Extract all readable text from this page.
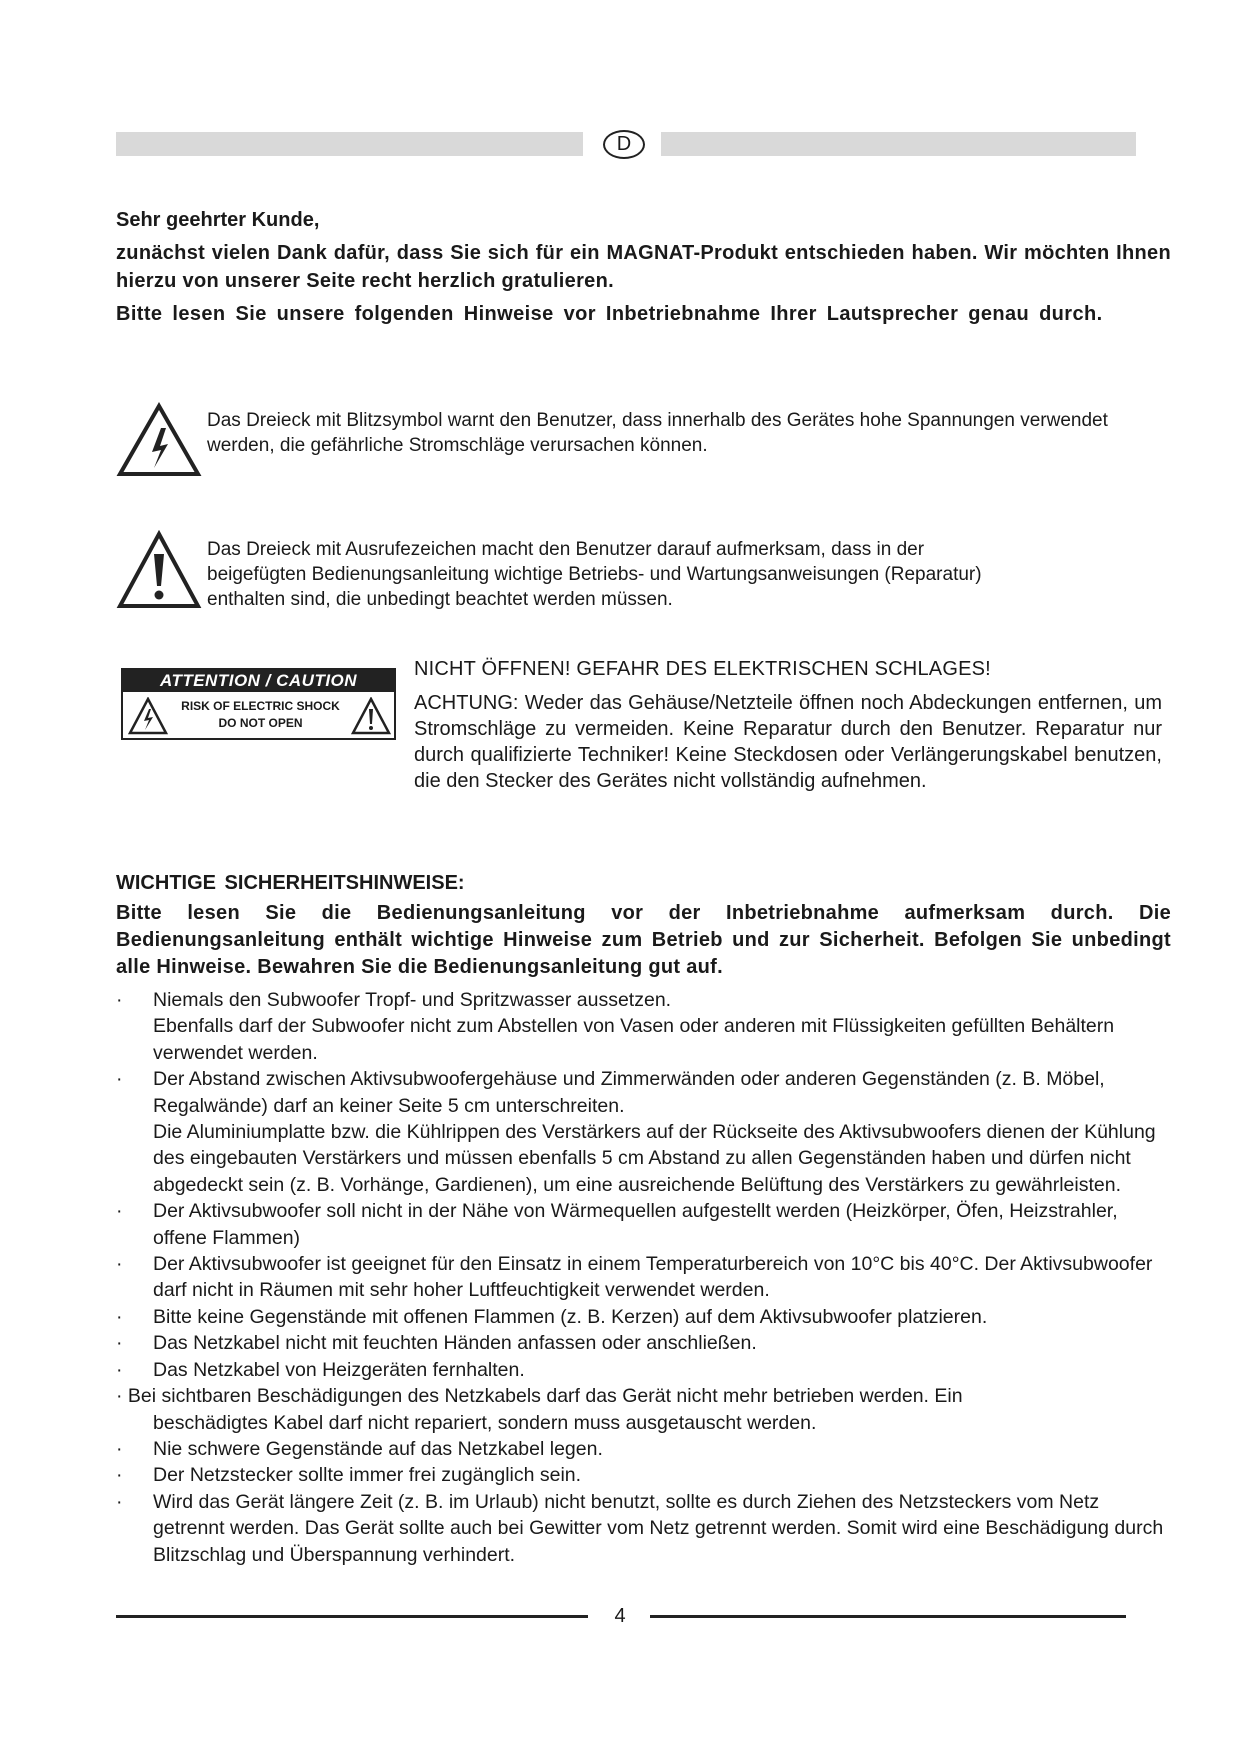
D
Sehr geehrter Kunde,
zunächst vielen Dank dafür, dass Sie sich für ein MAGNAT-Produkt entschieden haben. Wir möchten Ihnen hierzu von unserer Seite recht herzlich gratulieren.
Bitte lesen Sie unsere folgenden Hinweise vor Inbetriebnahme Ihrer Lautsprecher genau durch.
Das Dreieck mit Blitzsymbol warnt den Benutzer, dass innerhalb des Gerätes hohe Spannungen verwendet werden, die gefährliche Stromschläge verursachen können.
Das Dreieck mit Ausrufezeichen macht den Benutzer darauf aufmerksam, dass in der
beigefügten Bedienungsanleitung wichtige Betriebs- und Wartungsanweisungen (Reparatur)
enthalten sind, die unbedingt beachtet werden müssen.
ATTENTION / CAUTION
RISK OF ELECTRIC SHOCK
DO NOT OPEN
NICHT ÖFFNEN! GEFAHR DES ELEKTRISCHEN SCHLAGES!
ACHTUNG: Weder das Gehäuse/Netzteile öffnen noch Abdeckungen entfernen, um Stromschläge zu vermeiden. Keine Reparatur durch den Benutzer. Reparatur nur durch qualifizierte Techniker! Keine Steckdosen oder Verlängerungskabel benutzen, die den Stecker des Gerätes nicht vollständig aufnehmen.
WICHTIGE SICHERHEITSHINWEISE:
Bitte lesen Sie die Bedienungsanleitung vor der Inbetriebnahme aufmerksam durch. Die Bedienungsanleitung enthält wichtige Hinweise zum Betrieb und zur Sicherheit. Befolgen Sie unbedingt alle Hinweise. Bewahren Sie die Bedienungsanleitung gut auf.
· Niemals den Subwoofer Tropf- und Spritzwasser aussetzen.
Ebenfalls darf der Subwoofer nicht zum Abstellen von Vasen oder anderen mit Flüssigkeiten gefüllten Behältern verwendet werden.
· Der Abstand zwischen Aktivsubwoofergehäuse und Zimmerwänden oder anderen Gegenständen (z. B. Möbel, Regalwände) darf an keiner Seite 5 cm unterschreiten.
Die Aluminiumplatte bzw. die Kühlrippen des Verstärkers auf der Rückseite des Aktivsubwoofers dienen der Kühlung des eingebauten Verstärkers und müssen ebenfalls 5 cm Abstand zu allen Gegenständen haben und dürfen nicht abgedeckt sein (z. B. Vorhänge, Gardienen), um eine ausreichende Belüftung des Verstärkers zu gewährleisten.
· Der Aktivsubwoofer soll nicht in der Nähe von Wärmequellen aufgestellt werden (Heizkörper, Öfen, Heizstrahler, offene Flammen)
· Der Aktivsubwoofer ist geeignet für den Einsatz in einem Temperaturbereich von 10°C bis 40°C. Der Aktivsubwoofer darf nicht in Räumen mit sehr hoher Luftfeuchtigkeit verwendet werden.
· Bitte keine Gegenstände mit offenen Flammen (z. B. Kerzen) auf dem Aktivsubwoofer platzieren.
· Das Netzkabel nicht mit feuchten Händen anfassen oder anschließen.
· Das Netzkabel von Heizgeräten fernhalten.
· Bei sichtbaren Beschädigungen des Netzkabels darf das Gerät nicht mehr betrieben werden. Ein
beschädigtes Kabel darf nicht repariert, sondern muss ausgetauscht werden.
· Nie schwere Gegenstände auf das Netzkabel legen.
· Der Netzstecker sollte immer frei zugänglich sein.
· Wird das Gerät längere Zeit (z. B. im Urlaub) nicht benutzt, sollte es durch Ziehen des Netzsteckers vom Netz getrennt werden. Das Gerät sollte auch bei Gewitter vom Netz getrennt werden. Somit wird eine Beschädigung durch Blitzschlag und Überspannung verhindert.
4
